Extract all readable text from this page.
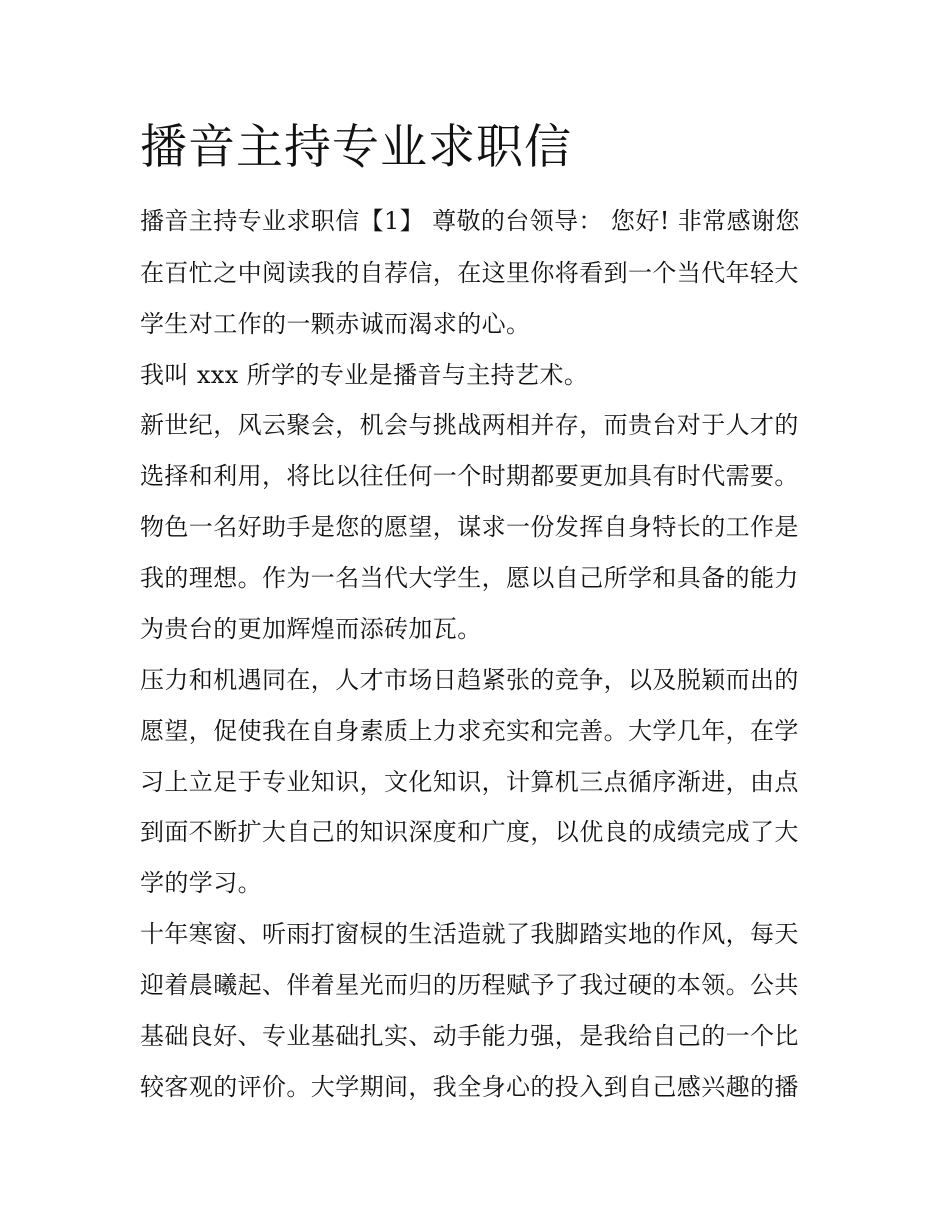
播音主持专业求职信
播音主持专业求职信【1】 尊敬的台领导： 您好! 非常感谢您
在百忙之中阅读我的自荐信，在这里你将看到一个当代年轻大
学生对工作的一颗赤诚而渴求的心。
我叫 xxx 所学的专业是播音与主持艺术。
新世纪，风云聚会，机会与挑战两相并存，而贵台对于人才的
选择和利用，将比以往任何一个时期都要更加具有时代需要。
物色一名好助手是您的愿望，谋求一份发挥自身特长的工作是
我的理想。作为一名当代大学生，愿以自己所学和具备的能力
为贵台的更加辉煌而添砖加瓦。
压力和机遇同在，人才市场日趋紧张的竞争，以及脱颖而出的
愿望，促使我在自身素质上力求充实和完善。大学几年，在学
习上立足于专业知识，文化知识，计算机三点循序渐进，由点
到面不断扩大自己的知识深度和广度，以优良的成绩完成了大
学的学习。
十年寒窗、听雨打窗棂的生活造就了我脚踏实地的作风，每天
迎着晨曦起、伴着星光而归的历程赋予了我过硬的本领。公共
基础良好、专业基础扎实、动手能力强，是我给自己的一个比
较客观的评价。大学期间，我全身心的投入到自己感兴趣的播
